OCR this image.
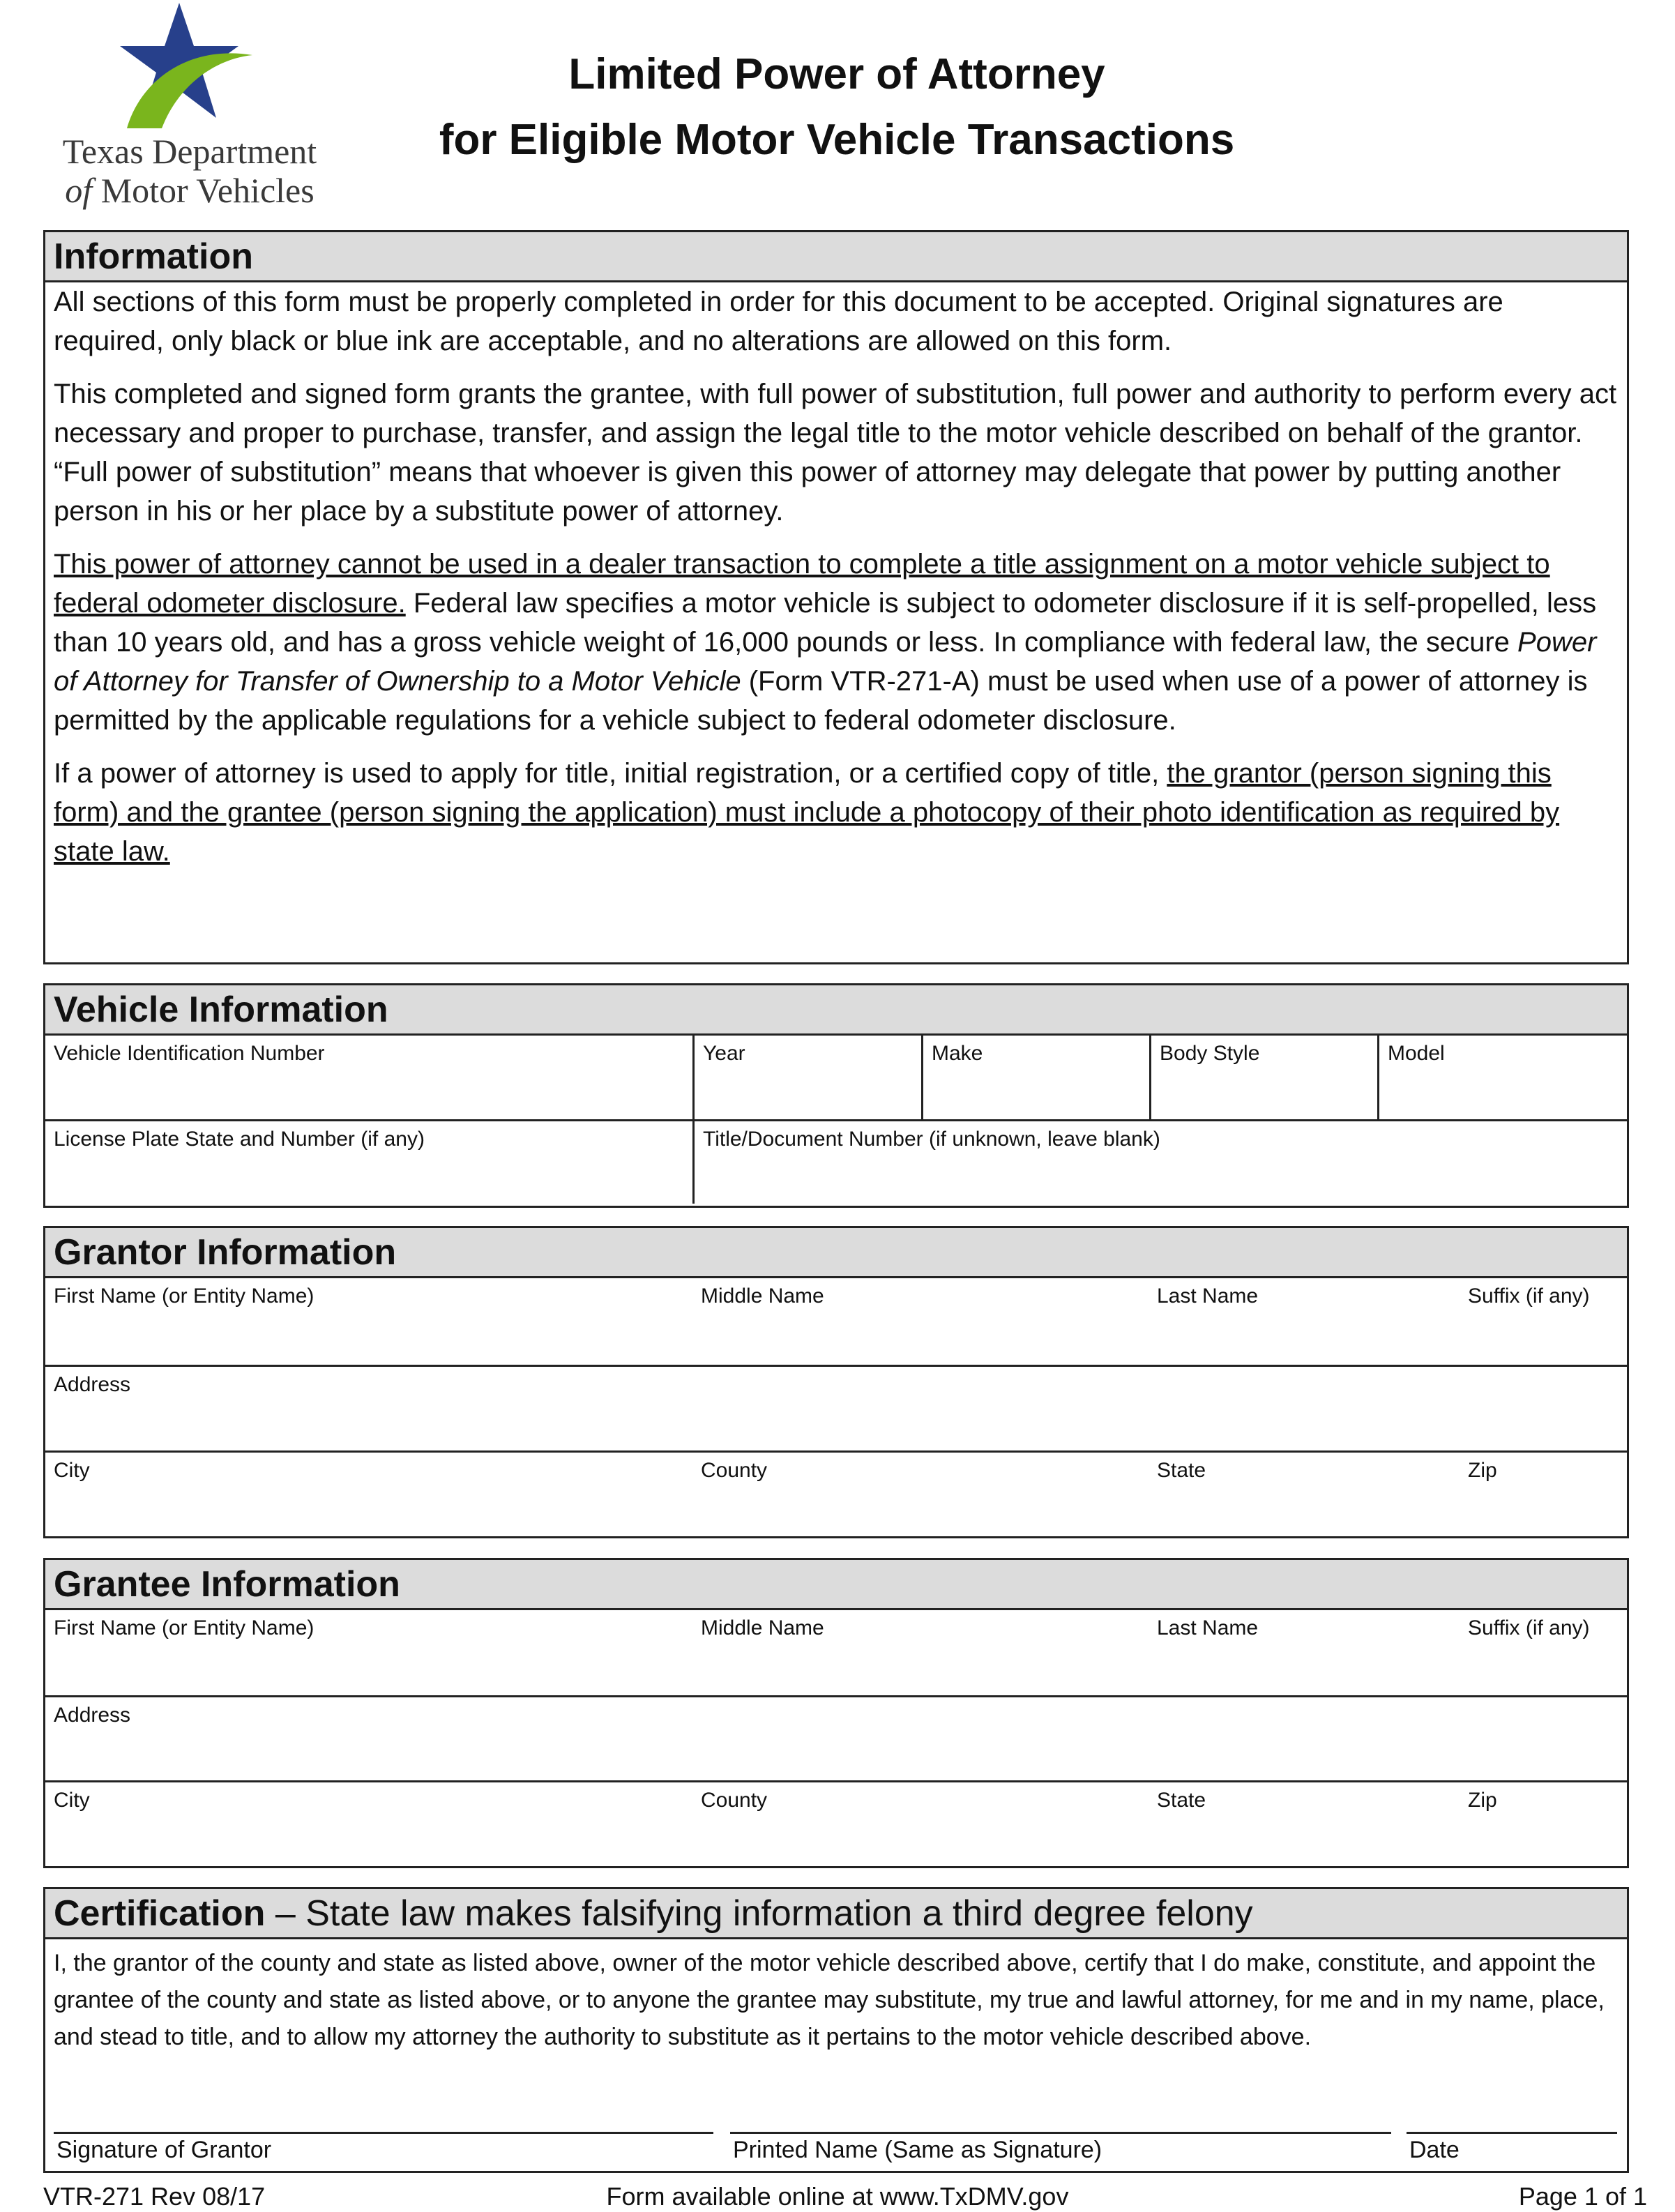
Texas Department
of Motor Vehicles
Limited Power of Attorney
for Eligible Motor Vehicle Transactions
Information

All sections of this form must be properly completed in order for this document to be accepted. Original signatures are required, only black or blue ink are acceptable, and no alterations are allowed on this form.

This completed and signed form grants the grantee, with full power of substitution, full power and authority to perform every act necessary and proper to purchase, transfer, and assign the legal title to the motor vehicle described on behalf of the grantor. “Full power of substitution” means that whoever is given this power of attorney may delegate that power by putting another person in his or her place by a substitute power of attorney.

This power of attorney cannot be used in a dealer transaction to complete a title assignment on a motor vehicle subject to federal odometer disclosure. Federal law specifies a motor vehicle is subject to odometer disclosure if it is self-propelled, less than 10 years old, and has a gross vehicle weight of 16,000 pounds or less. In compliance with federal law, the secure Power of Attorney for Transfer of Ownership to a Motor Vehicle (Form VTR-271-A) must be used when use of a power of attorney is permitted by the applicable regulations for a vehicle subject to federal odometer disclosure.

If a power of attorney is used to apply for title, initial registration, or a certified copy of title, the grantor (person signing this form) and the grantee (person signing the application) must include a photocopy of their photo identification as required by state law.

Vehicle Information
Vehicle Identification Number	Year	Make	Body Style	Model
License Plate State and Number (if any)	Title/Document Number (if unknown, leave blank)
Grantor Information
First Name (or Entity Name)	Middle Name	Last Name	Suffix (if any)
Address
City	County	State	Zip
Grantee Information
First Name (or Entity Name)	Middle Name	Last Name	Suffix (if any)
Address
City	County	State	Zip
Certification – State law makes falsifying information a third degree felony
I, the grantor of the county and state as listed above, owner of the motor vehicle described above, certify that I do make, constitute, and appoint the grantee of the county and state as listed above, or to anyone the grantee may substitute, my true and lawful attorney, for me and in my name, place, and stead to title, and to allow my attorney the authority to substitute as it pertains to the motor vehicle described above.
Signature of Grantor	Printed Name (Same as Signature)	Date
VTR-271 Rev 08/17	Form available online at www.TxDMV.gov	Page 1 of 1
